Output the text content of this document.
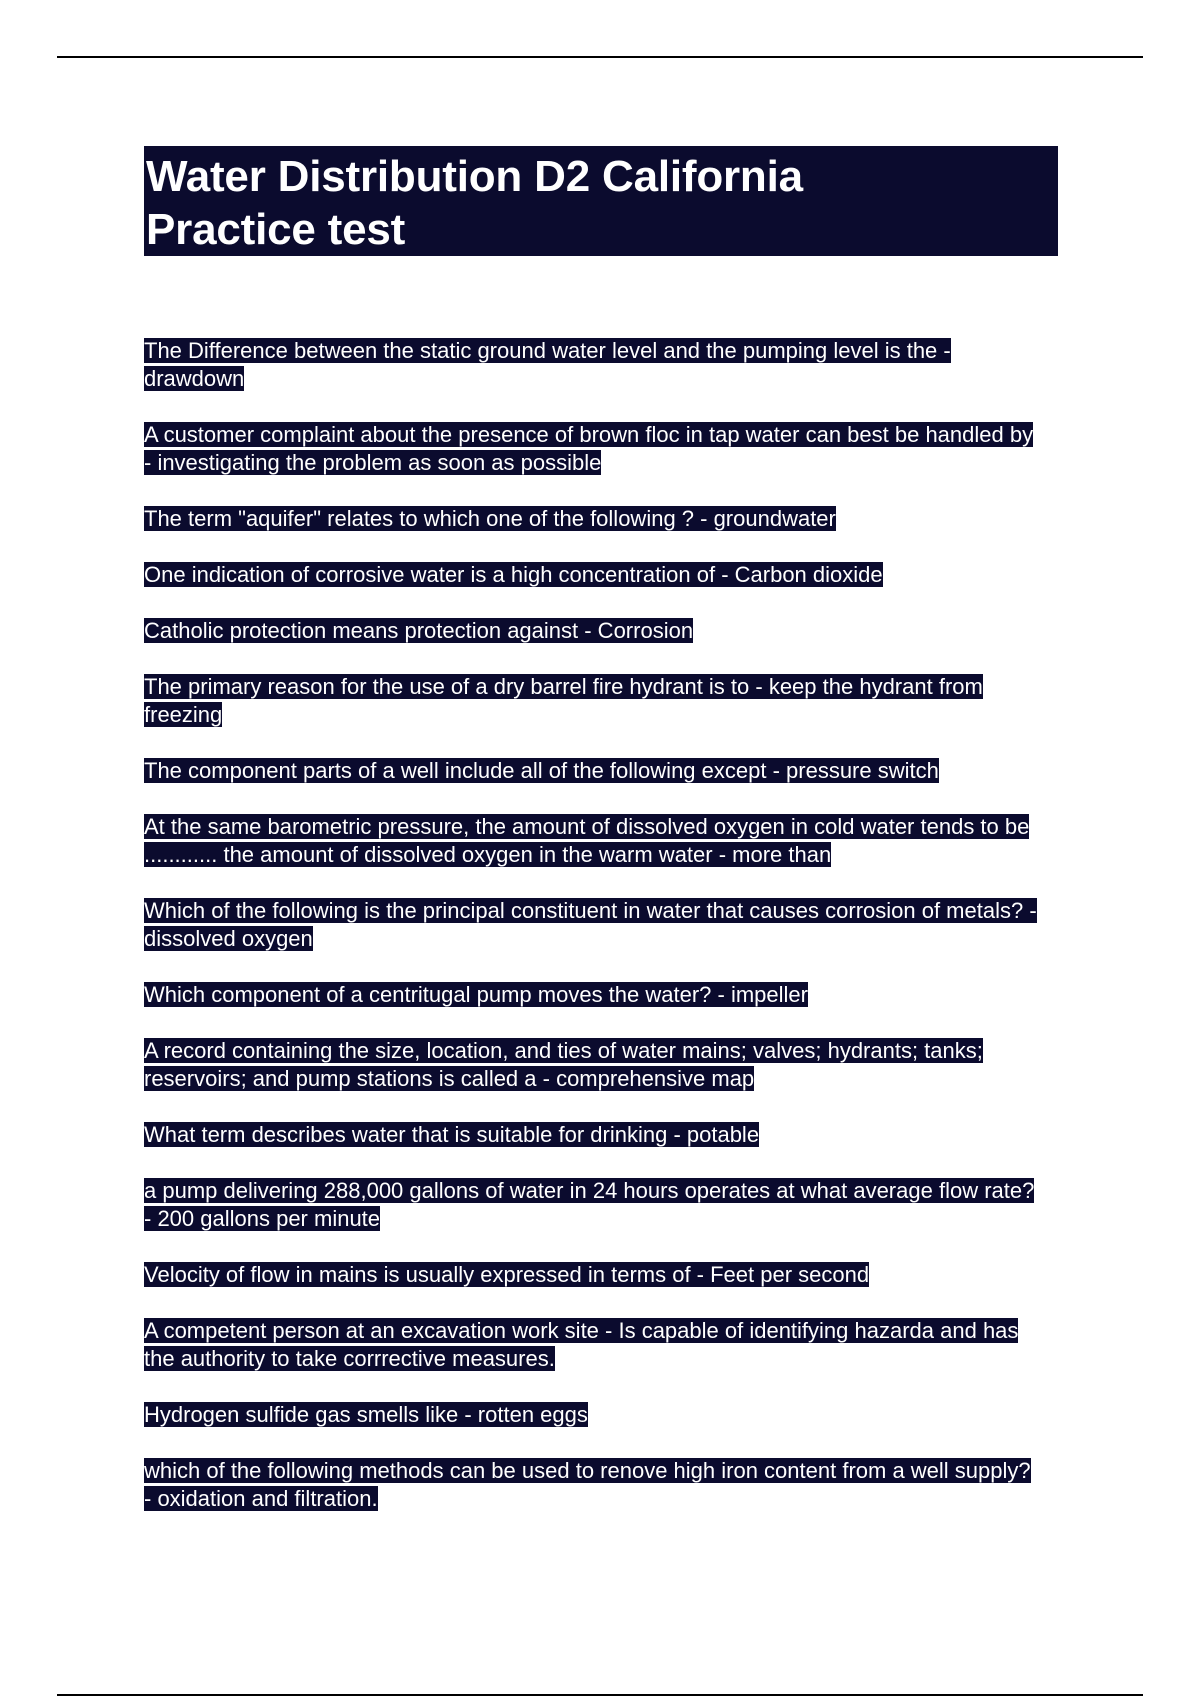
Water Distribution D2 California
Practice test

The Difference between the static ground water level and the pumping level is the - drawdown

A customer complaint about the presence of brown floc in tap water can best be handled by - investigating the problem as soon as possible

The term "aquifer" relates to which one of the following ? - groundwater

One indication of corrosive water is a high concentration of - Carbon dioxide

Catholic protection means protection against - Corrosion

The primary reason for the use of a dry barrel fire hydrant is to - keep the hydrant from freezing

The component parts of a well include all of the following except - pressure switch

At the same barometric pressure, the amount of dissolved oxygen in cold water tends to be ............ the amount of dissolved oxygen in the warm water - more than

Which of the following is the principal constituent in water that causes corrosion of metals? - dissolved oxygen

Which component of a centritugal pump moves the water? - impeller

A record containing the size, location, and ties of water mains; valves; hydrants; tanks; reservoirs; and pump stations is called a - comprehensive map

What term describes water that is suitable for drinking - potable

a pump delivering 288,000 gallons of water in 24 hours operates at what average flow rate? - 200 gallons per minute

Velocity of flow in mains is usually expressed in terms of - Feet per second

A competent person at an excavation work site - Is capable of identifying hazarda and has the authority to take corrrective measures.

Hydrogen sulfide gas smells like - rotten eggs

which of the following methods can be used to renove high iron content from a well supply? - oxidation and filtration.
